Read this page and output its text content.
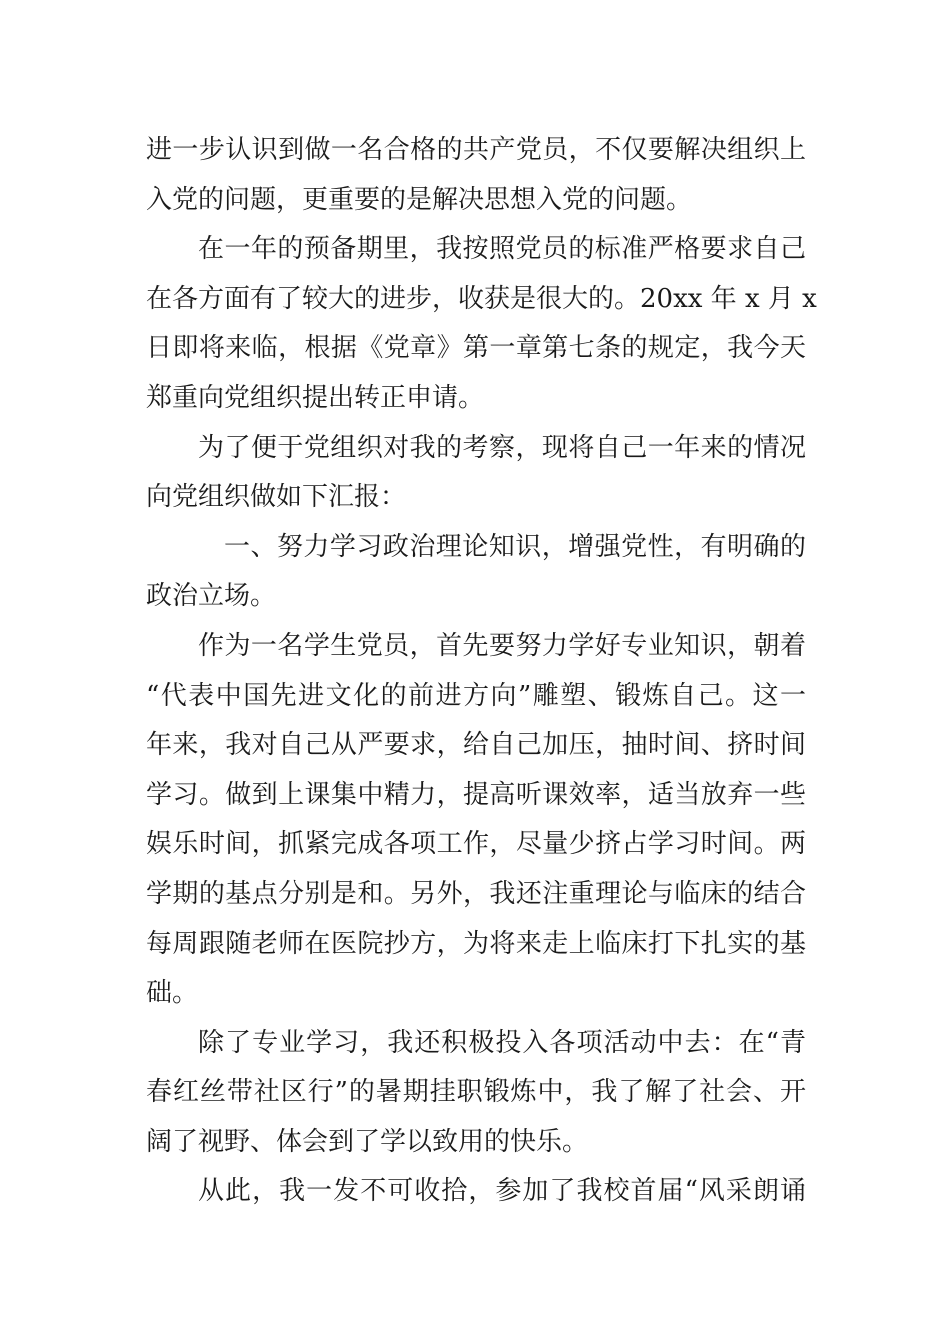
进一步认识到做一名合格的共产党员，不仅要解决组织上
入党的问题，更重要的是解决思想入党的问题。
在一年的预备期里，我按照党员的标准严格要求自己
在各方面有了较大的进步，收获是很大的。20xx 年 x 月 x
日即将来临，根据《党章》第一章第七条的规定，我今天
郑重向党组织提出转正申请。
为了便于党组织对我的考察，现将自己一年来的情况
向党组织做如下汇报：
一、努力学习政治理论知识，增强党性，有明确的
政治立场。
作为一名学生党员，首先要努力学好专业知识，朝着
“代表中国先进文化的前进方向”雕塑、锻炼自己。这一
年来，我对自己从严要求，给自己加压，抽时间、挤时间
学习。做到上课集中精力，提高听课效率，适当放弃一些
娱乐时间，抓紧完成各项工作，尽量少挤占学习时间。两
学期的基点分别是和。另外，我还注重理论与临床的结合
每周跟随老师在医院抄方，为将来走上临床打下扎实的基
础。
除了专业学习，我还积极投入各项活动中去：在“青
春红丝带社区行”的暑期挂职锻炼中，我了解了社会、开
阔了视野、体会到了学以致用的快乐。
从此，我一发不可收拾，参加了我校首届“风采朗诵
